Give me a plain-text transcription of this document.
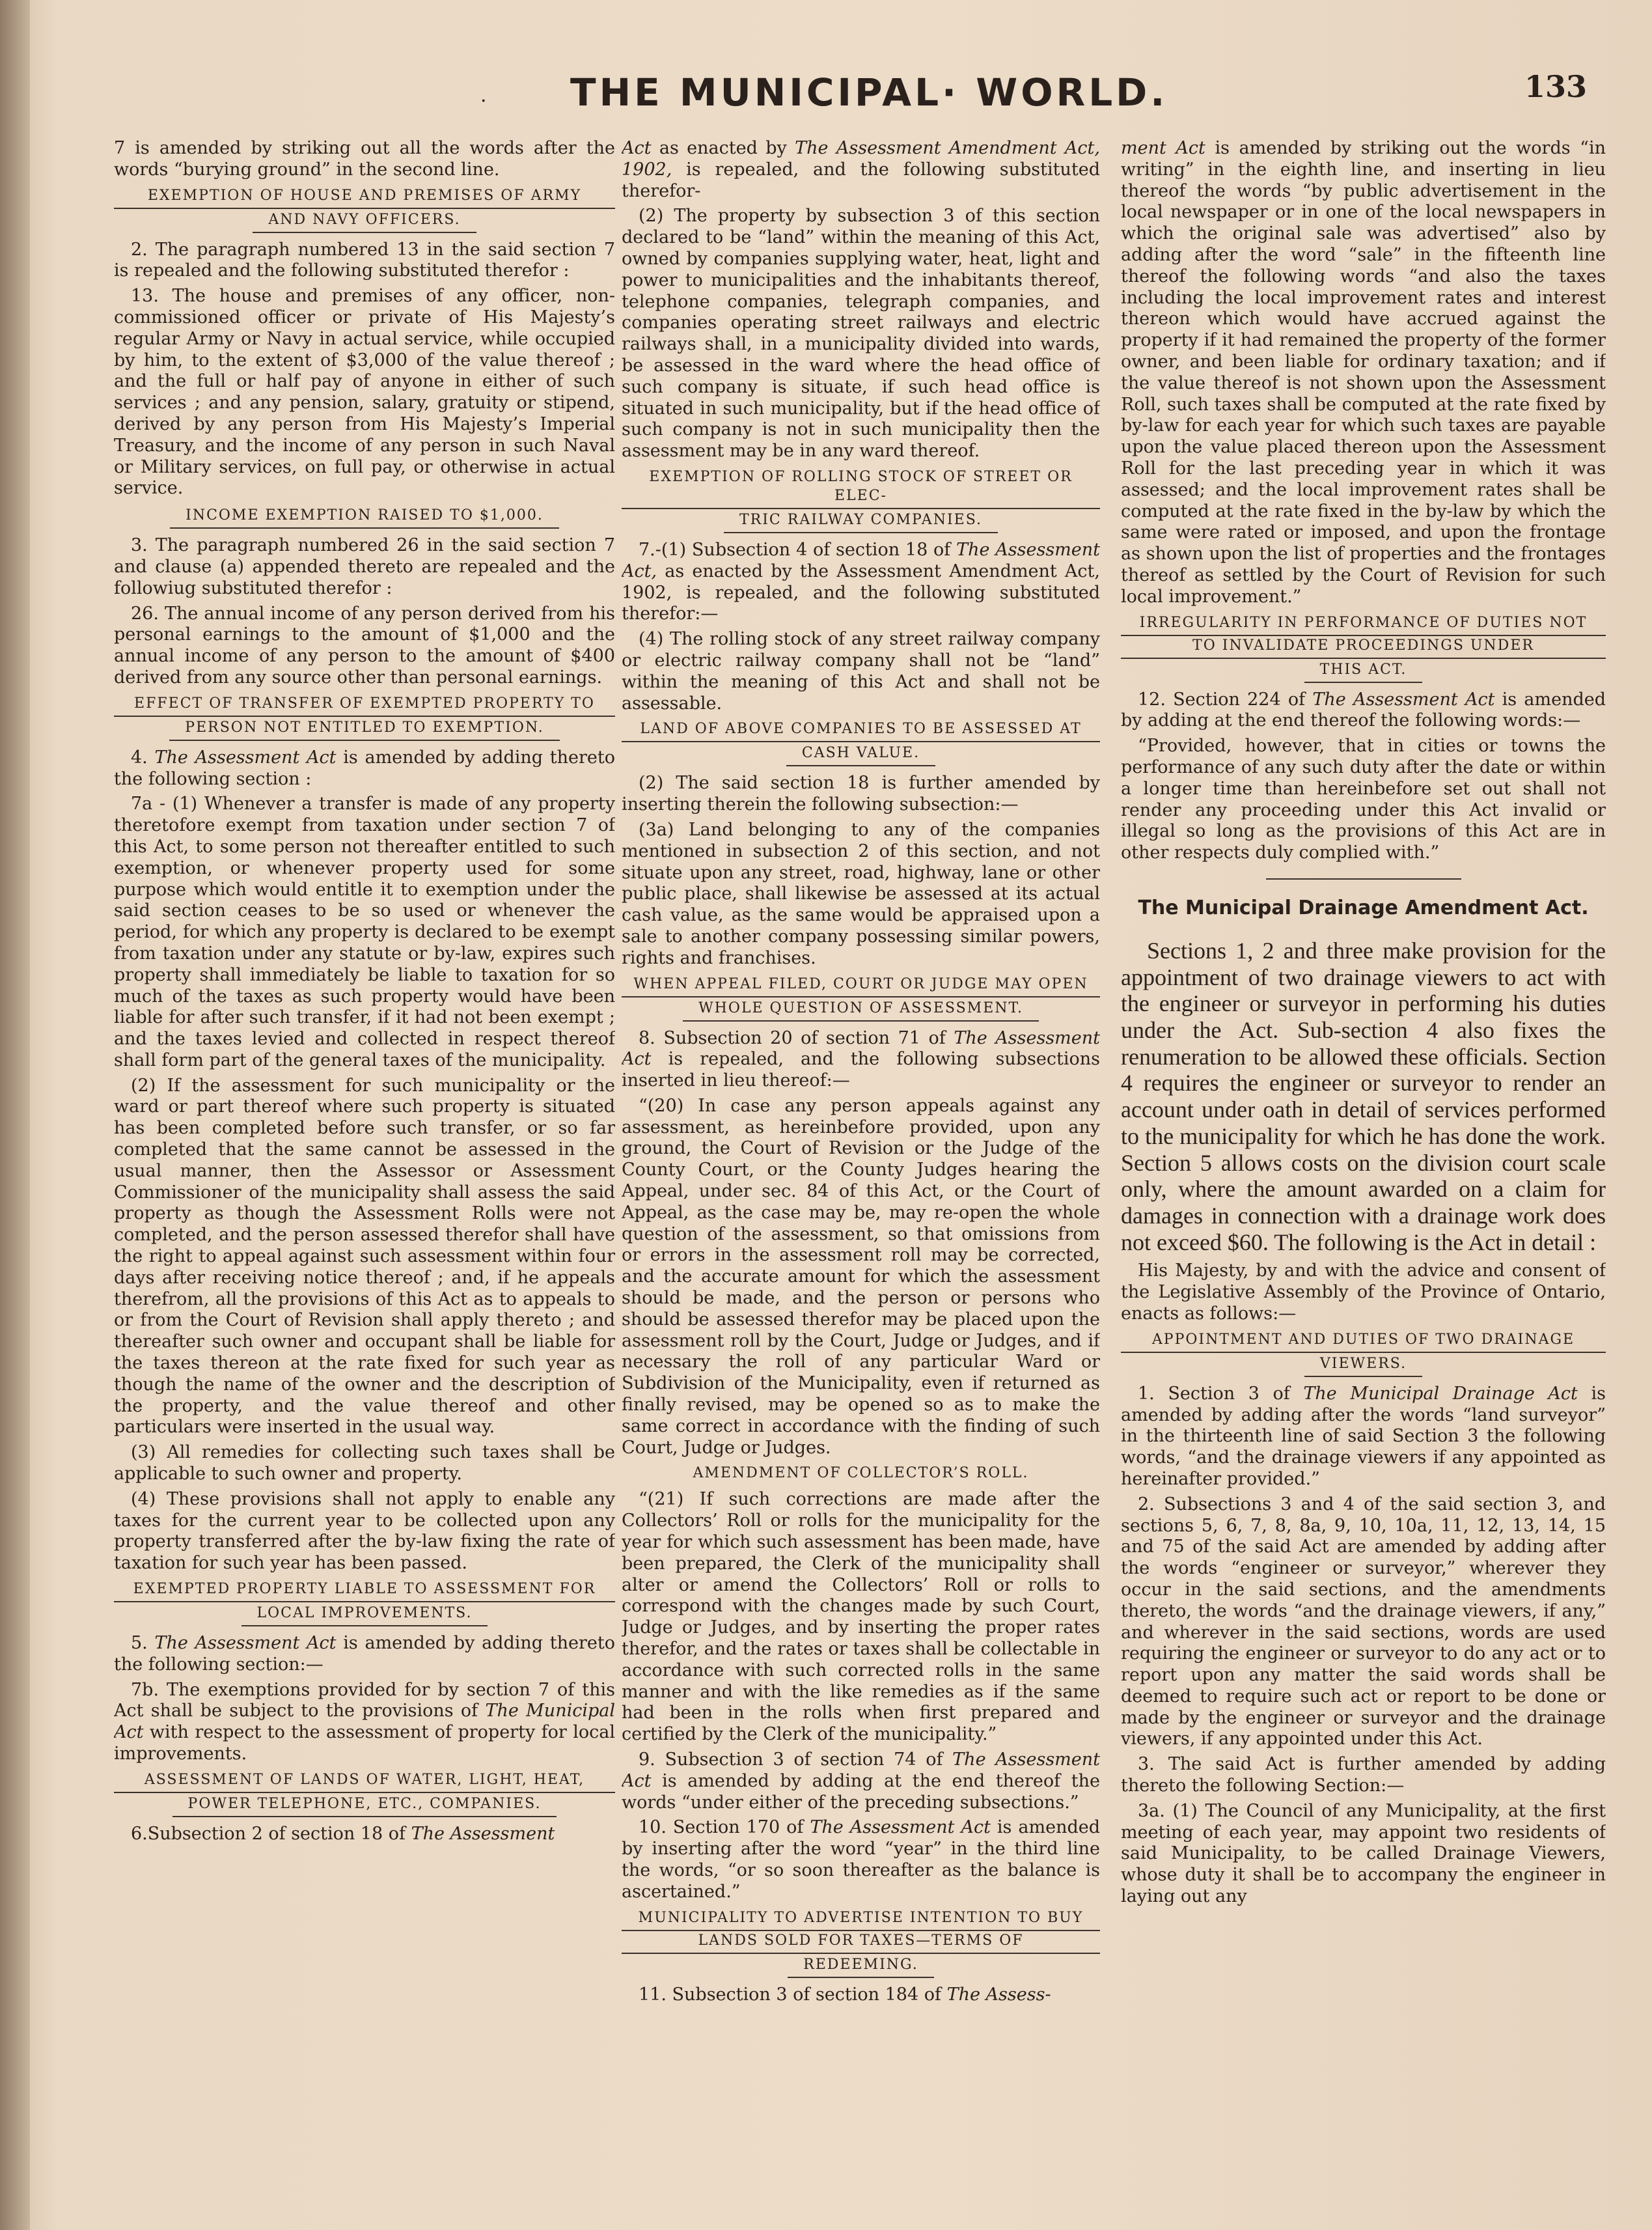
· THE MUNICIPAL· WORLD.	133

7 is amended by striking out all the words after the words “burying ground” in the second line.

EXEMPTION OF HOUSE AND PREMISES OF ARMY
AND NAVY OFFICERS.

2. The paragraph numbered 13 in the said section 7 is repealed and the following substituted therefor :

13. The house and premises of any officer, non-commissioned officer or private of His Majesty’s regular Army or Navy in actual service, while occupied by him, to the extent of $3,000 of the value thereof ; and the full or half pay of anyone in either of such services ; and any pension, salary, gratuity or stipend, derived by any person from His Majesty’s Imperial Treasury, and the income of any person in such Naval or Military services, on full pay, or otherwise in actual service.

INCOME EXEMPTION RAISED TO $1,000.

3. The paragraph numbered 26 in the said section 7 and clause (a) appended thereto are repealed and the followiug substituted therefor :

26. The annual income of any person derived from his personal earnings to the amount of $1,000 and the annual income of any person to the amount of $400 derived from any source other than personal earnings.

EFFECT OF TRANSFER OF EXEMPTED PROPERTY TO
PERSON NOT ENTITLED TO EXEMPTION.

4. The Assessment Act is amended by adding thereto the following section :

7a - (1) Whenever a transfer is made of any property theretofore exempt from taxation under section 7 of this Act, to some person not thereafter entitled to such exemption, or whenever property used for some purpose which would entitle it to exemption under the said section ceases to be so used or whenever the period, for which any property is declared to be exempt from taxation under any statute or by-law, expires such property shall immediately be liable to taxation for so much of the taxes as such property would have been liable for after such transfer, if it had not been exempt ; and the taxes levied and collected in respect thereof shall form part of the general taxes of the municipality.

(2) If the assessment for such municipality or the ward or part thereof where such property is situated has been completed before such transfer, or so far completed that the same cannot be assessed in the usual manner, then the Assessor or Assessment Commissioner of the municipality shall assess the said property as though the Assessment Rolls were not completed, and the person assessed therefor shall have the right to appeal against such assessment within four days after receiving notice thereof ; and, if he appeals therefrom, all the provisions of this Act as to appeals to or from the Court of Revision shall apply thereto ; and thereafter such owner and occupant shall be liable for the taxes thereon at the rate fixed for such year as though the name of the owner and the description of the property, and the value thereof and other particulars were inserted in the usual way.

(3) All remedies for collecting such taxes shall be applicable to such owner and property.

(4) These provisions shall not apply to enable any taxes for the current year to be collected upon any property transferred after the by-law fixing the rate of taxation for such year has been passed.

EXEMPTED PROPERTY LIABLE TO ASSESSMENT FOR
LOCAL IMPROVEMENTS.

5. The Assessment Act is amended by adding thereto the following section:—

7b. The exemptions provided for by section 7 of this Act shall be subject to the provisions of The Municipal Act with respect to the assessment of property for local improvements.

ASSESSMENT OF LANDS OF WATER, LIGHT, HEAT,
POWER TELEPHONE, ETC., COMPANIES.

6.Subsection 2 of section 18 of The Assessment

Act as enacted by The Assessment Amendment Act, 1902, is repealed, and the following substituted therefor-

(2) The property by subsection 3 of this section declared to be “land” within the meaning of this Act, owned by companies supplying water, heat, light and power to municipalities and the inhabitants thereof, telephone companies, telegraph companies, and companies operating street railways and electric railways shall, in a municipality divided into wards, be assessed in the ward where the head office of such company is situate, if such head office is situated in such municipality, but if the head office of such company is not in such municipality then the assessment may be in any ward thereof.

EXEMPTION OF ROLLING STOCK OF STREET OR ELEC-
TRIC RAILWAY COMPANIES.

7.-(1) Subsection 4 of section 18 of The Assessment Act, as enacted by the Assessment Amendment Act, 1902, is repealed, and the following substituted therefor:—

(4) The rolling stock of any street railway company or electric railway company shall not be “land” within the meaning of this Act and shall not be assessable.

LAND OF ABOVE COMPANIES TO BE ASSESSED AT
CASH VALUE.

(2) The said section 18 is further amended by inserting therein the following subsection:—

(3a) Land belonging to any of the companies mentioned in subsection 2 of this section, and not situate upon any street, road, highway, lane or other public place, shall likewise be assessed at its actual cash value, as the same would be appraised upon a sale to another company possessing similar powers, rights and franchises.

WHEN APPEAL FILED, COURT OR JUDGE MAY OPEN
WHOLE QUESTION OF ASSESSMENT.

8. Subsection 20 of section 71 of The Assessment Act is repealed, and the following subsections inserted in lieu thereof:—

“(20) In case any person appeals against any assessment, as hereinbefore provided, upon any ground, the Court of Revision or the Judge of the County Court, or the County Judges hearing the Appeal, under sec. 84 of this Act, or the Court of Appeal, as the case may be, may re-open the whole question of the assessment, so that omissions from or errors in the assessment roll may be corrected, and the accurate amount for which the assessment should be made, and the person or persons who should be assessed therefor may be placed upon the assessment roll by the Court, Judge or Judges, and if necessary the roll of any particular Ward or Subdivision of the Municipality, even if returned as finally revised, may be opened so as to make the same correct in accordance with the finding of such Court, Judge or Judges.

AMENDMENT OF COLLECTOR’S ROLL.

“(21) If such corrections are made after the Collectors’ Roll or rolls for the municipality for the year for which such assessment has been made, have been prepared, the Clerk of the municipality shall alter or amend the Collectors’ Roll or rolls to correspond with the changes made by such Court, Judge or Judges, and by inserting the proper rates therefor, and the rates or taxes shall be collectable in accordance with such corrected rolls in the same manner and with the like remedies as if the same had been in the rolls when first prepared and certified by the Clerk of the municipality.”

9. Subsection 3 of section 74 of The Assessment Act is amended by adding at the end thereof the words “under either of the preceding subsections.”

10. Section 170 of The Assessment Act is amended by inserting after the word “year” in the third line the words, “or so soon thereafter as the balance is ascertained.”

MUNICIPALITY TO ADVERTISE INTENTION TO BUY
LANDS SOLD FOR TAXES—TERMS OF
REDEEMING.

11. Subsection 3 of section 184 of The Assess-

ment Act is amended by striking out the words “in writing” in the eighth line, and inserting in lieu thereof the words “by public advertisement in the local newspaper or in one of the local newspapers in which the original sale was advertised” also by adding after the word “sale” in the fifteenth line thereof the following words “and also the taxes including the local improvement rates and interest thereon which would have accrued against the property if it had remained the property of the former owner, and been liable for ordinary taxation; and if the value thereof is not shown upon the Assessment Roll, such taxes shall be computed at the rate fixed by by-law for each year for which such taxes are payable upon the value placed thereon upon the Assessment Roll for the last preceding year in which it was assessed; and the local improvement rates shall be computed at the rate fixed in the by-law by which the same were rated or imposed, and upon the frontage as shown upon the list of properties and the frontages thereof as settled by the Court of Revision for such local improvement.”

IRREGULARITY IN PERFORMANCE OF DUTIES NOT
TO INVALIDATE PROCEEDINGS UNDER
THIS ACT.

12. Section 224 of The Assessment Act is amended by adding at the end thereof the following words:—

“Provided, however, that in cities or towns the performance of any such duty after the date or within a longer time than hereinbefore set out shall not render any proceeding under this Act invalid or illegal so long as the provisions of this Act are in other respects duly complied with.”

The Municipal Drainage Amendment Act.

Sections 1, 2 and three make provision for the appointment of two drainage viewers to act with the engineer or surveyor in performing his duties under the Act. Sub-section 4 also fixes the renumeration to be allowed these officials. Section 4 requires the engineer or surveyor to render an account under oath in detail of services performed to the municipality for which he has done the work. Section 5 allows costs on the division court scale only, where the amount awarded on a claim for damages in connection with a drainage work does not exceed $60. The following is the Act in detail :

His Majesty, by and with the advice and consent of the Legislative Assembly of the Province of Ontario, enacts as follows:—

APPOINTMENT AND DUTIES OF TWO DRAINAGE
VIEWERS.

1. Section 3 of The Municipal Drainage Act is amended by adding after the words “land surveyor” in the thirteenth line of said Section 3 the following words, “and the drainage viewers if any appointed as hereinafter provided.”

2. Subsections 3 and 4 of the said section 3, and sections 5, 6, 7, 8, 8a, 9, 10, 10a, 11, 12, 13, 14, 15 and 75 of the said Act are amended by adding after the words “engineer or surveyor,” wherever they occur in the said sections, and the amendments thereto, the words “and the drainage viewers, if any,” and wherever in the said sections, words are used requiring the engineer or surveyor to do any act or to report upon any matter the said words shall be deemed to require such act or report to be done or made by the engineer or surveyor and the drainage viewers, if any appointed under this Act.

3. The said Act is further amended by adding thereto the following Section:—

3a. (1) The Council of any Municipality, at the first meeting of each year, may appoint two residents of said Municipality, to be called Drainage Viewers, whose duty it shall be to accompany the engineer in laying out any
